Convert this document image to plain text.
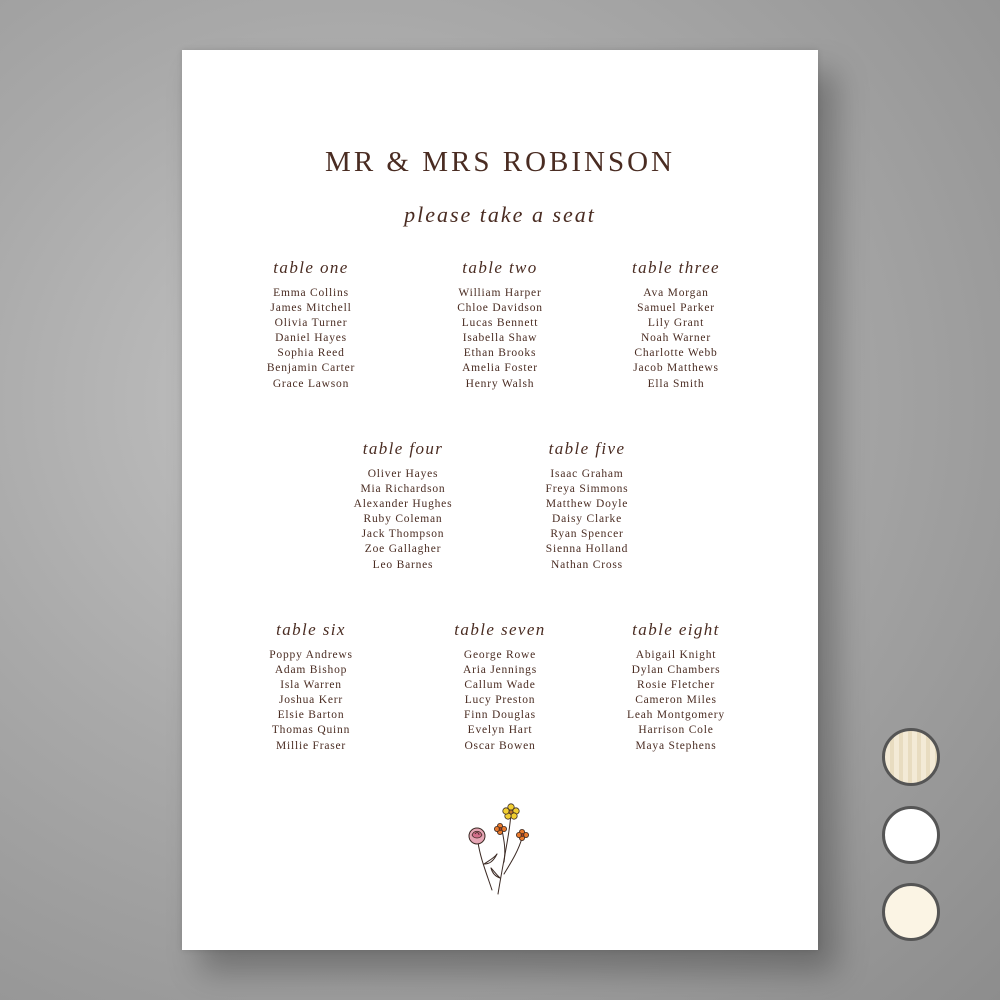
MR & MRS ROBINSON
please take a seat
table one
Emma Collins
James Mitchell
Olivia Turner
Daniel Hayes
Sophia Reed
Benjamin Carter
Grace Lawson
table two
William Harper
Chloe Davidson
Lucas Bennett
Isabella Shaw
Ethan Brooks
Amelia Foster
Henry Walsh
table three
Ava Morgan
Samuel Parker
Lily Grant
Noah Warner
Charlotte Webb
Jacob Matthews
Ella Smith
table four
Oliver Hayes
Mia Richardson
Alexander Hughes
Ruby Coleman
Jack Thompson
Zoe Gallagher
Leo Barnes
table five
Isaac Graham
Freya Simmons
Matthew Doyle
Daisy Clarke
Ryan Spencer
Sienna Holland
Nathan Cross
table six
Poppy Andrews
Adam Bishop
Isla Warren
Joshua Kerr
Elsie Barton
Thomas Quinn
Millie Fraser
table seven
George Rowe
Aria Jennings
Callum Wade
Lucy Preston
Finn Douglas
Evelyn Hart
Oscar Bowen
table eight
Abigail Knight
Dylan Chambers
Rosie Fletcher
Cameron Miles
Leah Montgomery
Harrison Cole
Maya Stephens
